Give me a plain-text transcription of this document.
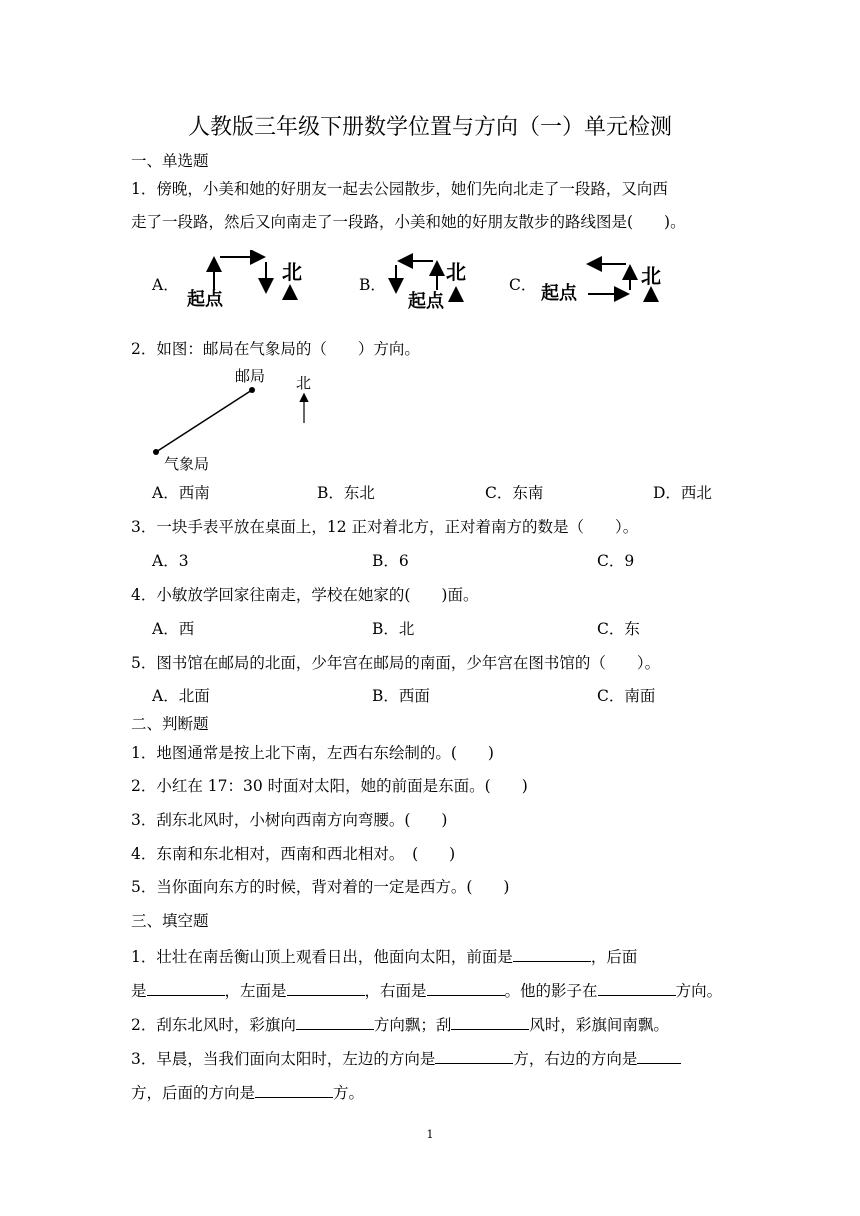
人教版三年级下册数学位置与方向（一）单元检测
一、单选题
1．傍晚，小美和她的好朋友一起去公园散步，她们先向北走了一段路，又向西
走了一段路，然后又向南走了一段路，小美和她的好朋友散步的路线图是(　　)。
A．
起点
北
B．
起点
北
C． 起点
北
2．如图：邮局在气象局的（　　）方向。
邮局 北
气象局
A．西南	B．东北	C．东南	D．西北
3．一块手表平放在桌面上，12 正对着北方，正对着南方的数是（　　）。
A．3	B．6	C．9
4．小敏放学回家往南走，学校在她家的(　　)面。
A．西	B．北	C．东
5．图书馆在邮局的北面，少年宫在邮局的南面，少年宫在图书馆的（　　）。
A．北面	B．西面	C．南面
二、判断题
1．地图通常是按上北下南，左西右东绘制的。(　　)
2．小红在 17：30 时面对太阳，她的前面是东面。(　　)
3．刮东北风时，小树向西南方向弯腰。(　　)
4．东南和东北相对，西南和西北相对。　(　　)
5．当你面向东方的时候，背对着的一定是西方。(　　)
三、填空题
1．壮壮在南岳衡山顶上观看日出，他面向太阳，前面是	，后面
是	，左面是	，右面是	。他的影子在	方向。
2．刮东北风时，彩旗向	方向飘；刮	风时，彩旗间南飘。
3．早晨，当我们面向太阳时，左边的方向是	方，右边的方向是
方，后面的方向是	方。
1
